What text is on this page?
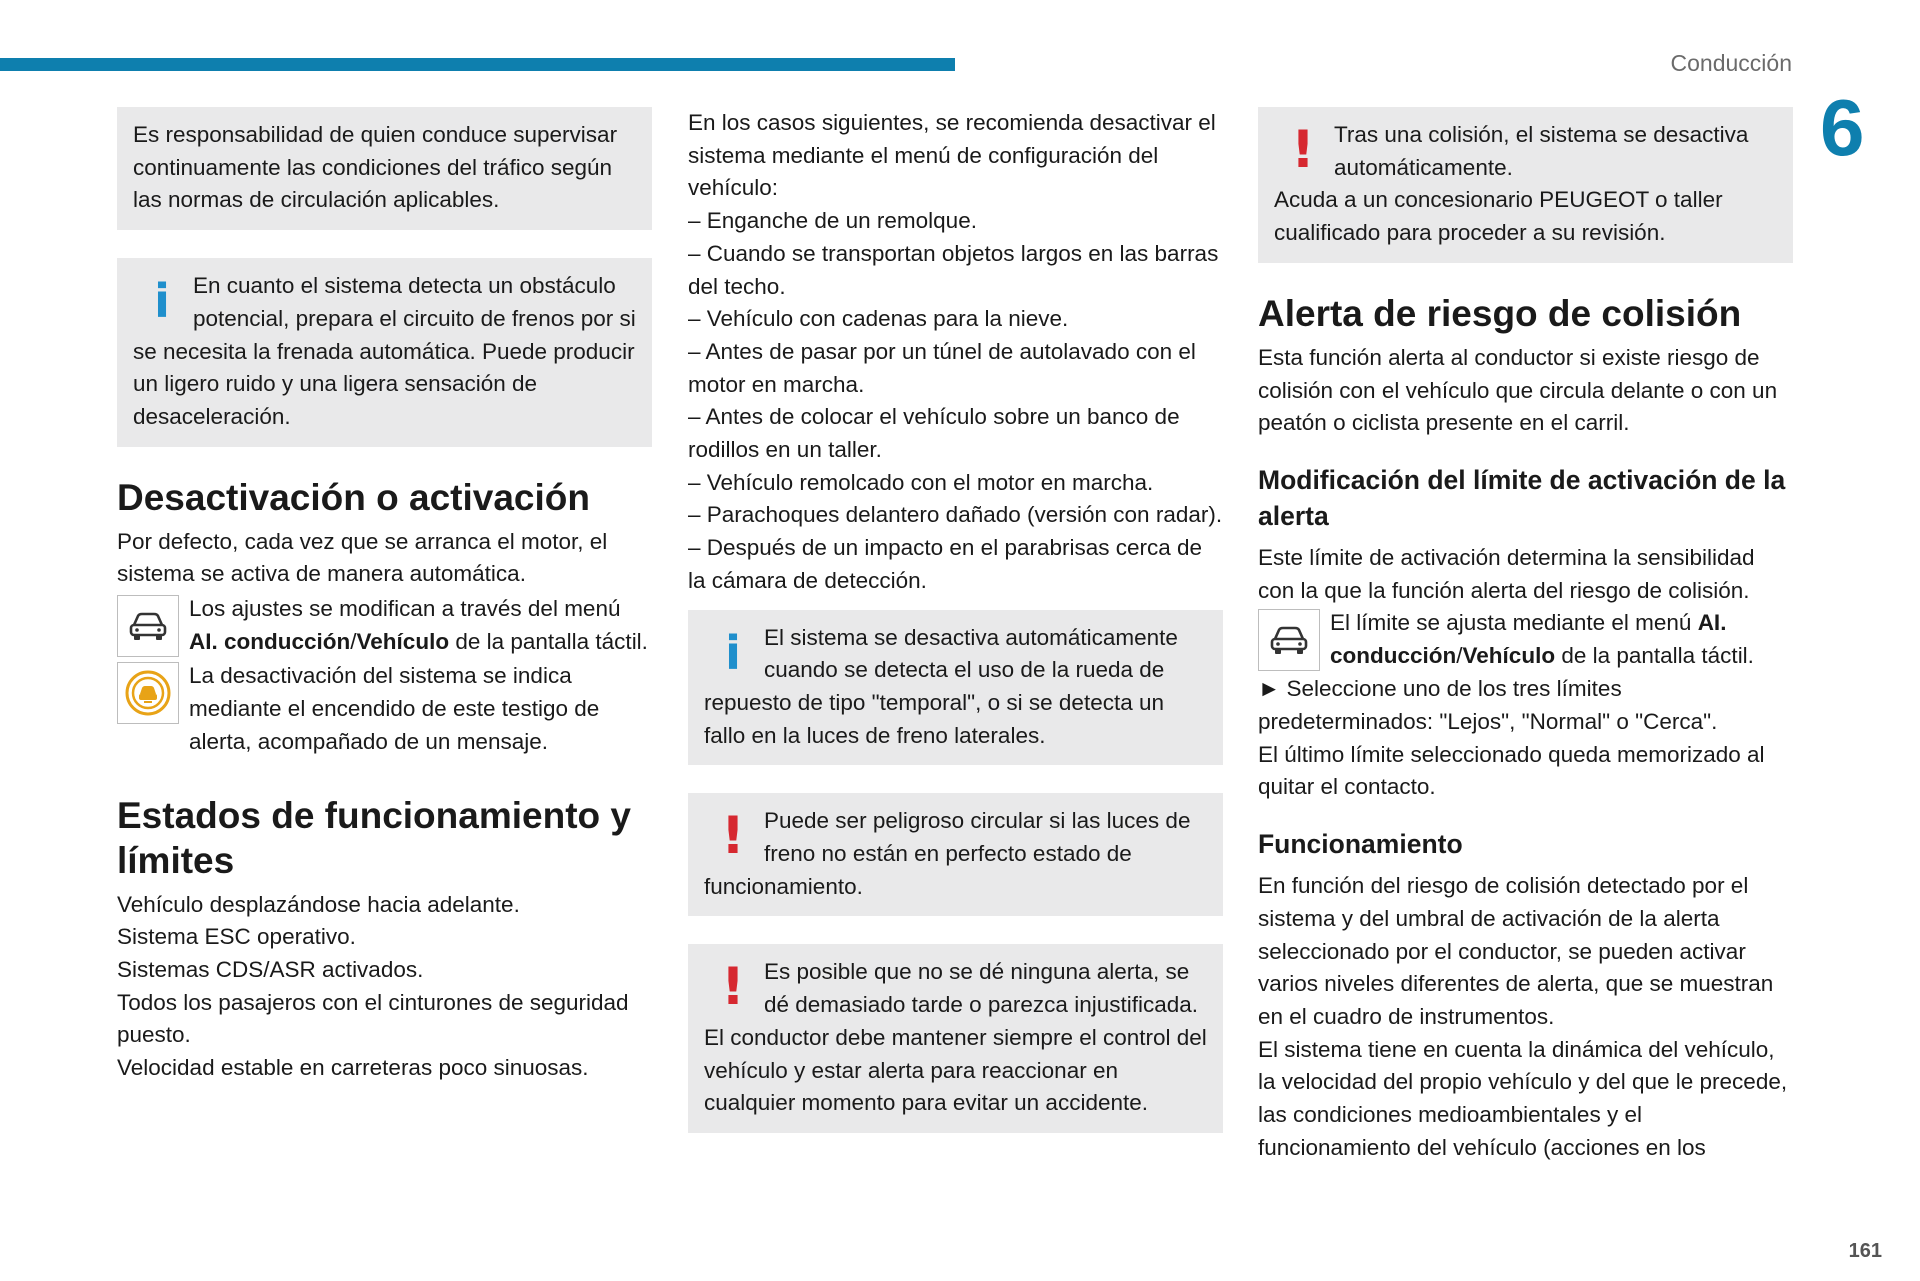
Conducción
6

Es responsabilidad de quien conduce supervisar continuamente las condiciones del tráfico según las normas de circulación aplicables.

i	En cuanto el sistema detecta un obstáculo potencial, prepara el circuito de frenos por si se necesita la frenada automática. Puede producir un ligero ruido y una ligera sensación de desaceleración.

Desactivación o activación

Por defecto, cada vez que se arranca el motor, el sistema se activa de manera automática.

Los ajustes se modifican a través del menú AI. conducción/Vehículo de la pantalla táctil.

La desactivación del sistema se indica mediante el encendido de este testigo de alerta, acompañado de un mensaje.

Estados de funcionamiento y límites

Vehículo desplazándose hacia adelante.

Sistema ESC operativo.

Sistemas CDS/ASR activados.

Todos los pasajeros con el cinturones de seguridad puesto.

Velocidad estable en carreteras poco sinuosas.

En los casos siguientes, se recomienda desactivar el sistema mediante el menú de configuración del vehículo:

– Enganche de un remolque.

– Cuando se transportan objetos largos en las barras del techo.

– Vehículo con cadenas para la nieve.

– Antes de pasar por un túnel de autolavado con el motor en marcha.

– Antes de colocar el vehículo sobre un banco de rodillos en un taller.

– Vehículo remolcado con el motor en marcha.

– Parachoques delantero dañado (versión con radar).

– Después de un impacto en el parabrisas cerca de la cámara de detección.

i	El sistema se desactiva automáticamente cuando se detecta el uso de la rueda de repuesto de tipo "temporal", o si se detecta un fallo en la luces de freno laterales.

! Puede ser peligroso circular si las luces de freno no están en perfecto estado de funcionamiento.

! Es posible que no se dé ninguna alerta, se dé demasiado tarde o parezca injustificada.

El conductor debe mantener siempre el control del vehículo y estar alerta para reaccionar en cualquier momento para evitar un accidente.

! Tras una colisión, el sistema se desactiva automáticamente.

Acuda a un concesionario PEUGEOT o taller cualificado para proceder a su revisión.

Alerta de riesgo de colisión

Esta función alerta al conductor si existe riesgo de colisión con el vehículo que circula delante o con un peatón o ciclista presente en el carril.

Modificación del límite de activación de la alerta

Este límite de activación determina la sensibilidad con la que la función alerta del riesgo de colisión.

El límite se ajusta mediante el menú AI. conducción/Vehículo de la pantalla táctil.

► Seleccione uno de los tres límites predeterminados: "Lejos", "Normal" o "Cerca".

El último límite seleccionado queda memorizado al quitar el contacto.

Funcionamiento

En función del riesgo de colisión detectado por el sistema y del umbral de activación de la alerta seleccionado por el conductor, se pueden activar varios niveles diferentes de alerta, que se muestran en el cuadro de instrumentos.

El sistema tiene en cuenta la dinámica del vehículo, la velocidad del propio vehículo y del que le precede, las condiciones medioambientales y el funcionamiento del vehículo (acciones en los

161
